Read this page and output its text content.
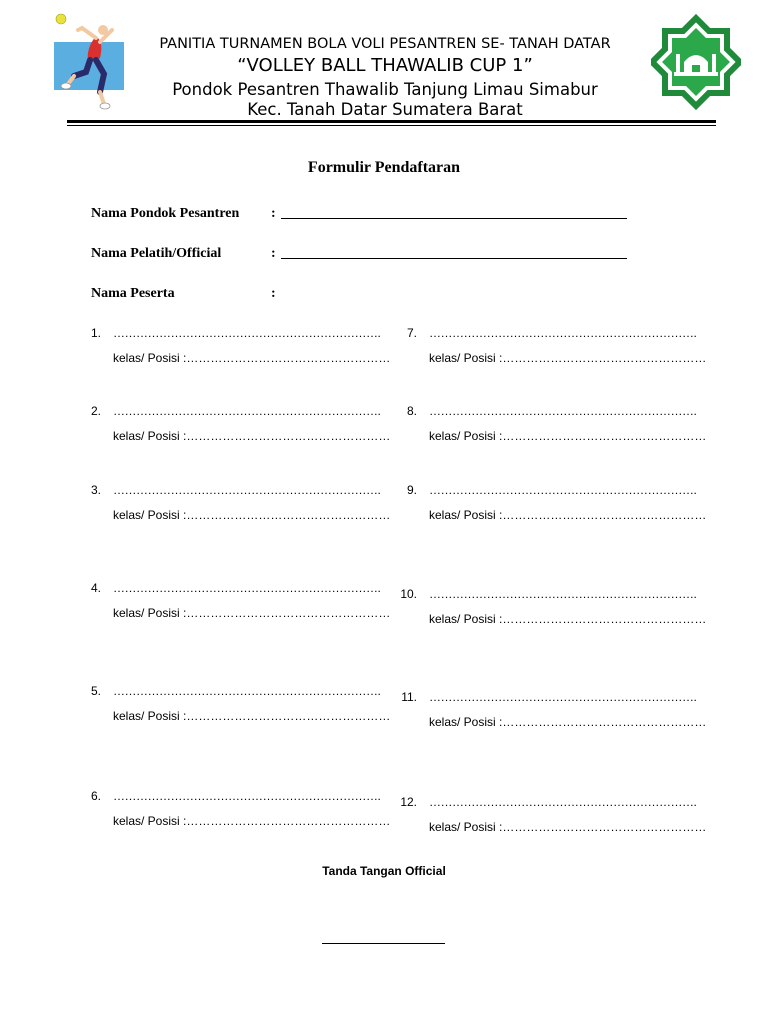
PANITIA TURNAMEN BOLA VOLI PESANTREN SE- TANAH DATAR
“VOLLEY BALL THAWALIB CUP 1”
Pondok Pesantren Thawalib Tanjung Limau Simabur
Kec. Tanah Datar Sumatera Barat
Formulir Pendaftaran
Nama Pondok Pesantren :
Nama Pelatih/Official	:
Nama Peserta	:
1. …………………………………………………………….
kelas/ Posisi :……………………………………………
2. …………………………………………………………….
kelas/ Posisi :……………………………………………
3. …………………………………………………………….
kelas/ Posisi :……………………………………………
4. …………………………………………………………….
kelas/ Posisi :……………………………………………
5. …………………………………………………………….
kelas/ Posisi :……………………………………………
6. …………………………………………………………….
kelas/ Posisi :……………………………………………
7. …………………………………………………………….
kelas/ Posisi :……………………………………………
8. …………………………………………………………….
kelas/ Posisi :……………………………………………
9. …………………………………………………………….
kelas/ Posisi :……………………………………………
10. …………………………………………………………….
kelas/ Posisi :……………………………………………
11. …………………………………………………………….
kelas/ Posisi :……………………………………………
12. …………………………………………………………….
kelas/ Posisi :……………………………………………
Tanda Tangan Official
